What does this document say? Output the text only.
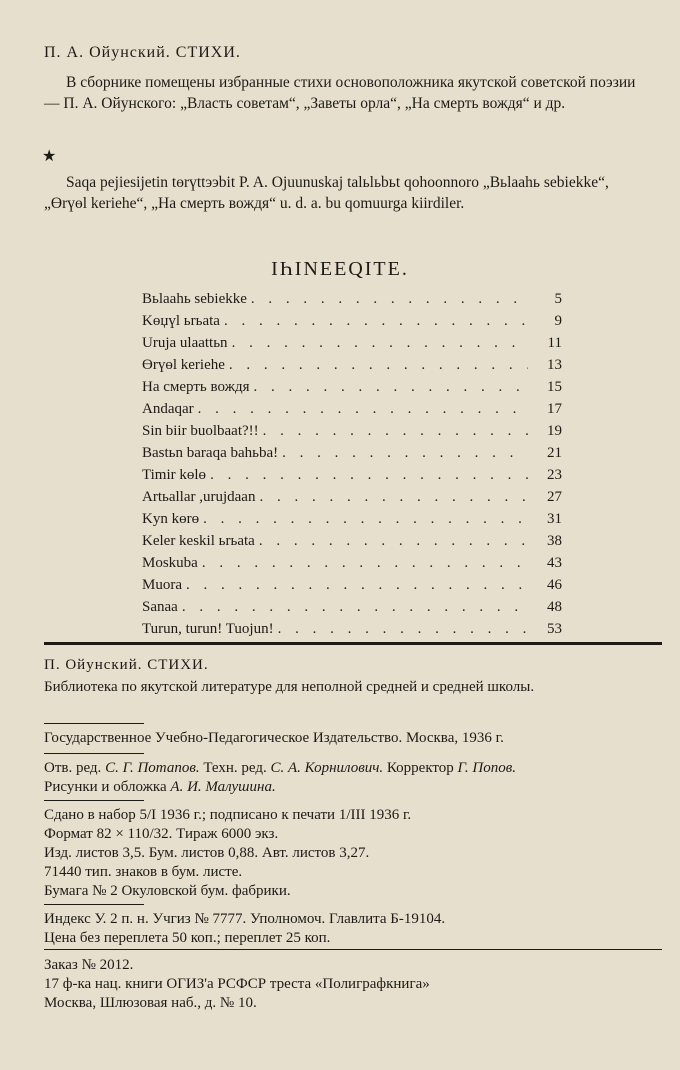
П. А. Ойунский. СТИХИ.

В сборнике помещены избранные стихи основоположника якутской советской поэзии — П. А. Ойунского: „Власть советам“, „Заветы орла“, „На смерть вождя“ и др.

★

Saqa pejiesijetin tөrүttээbit P. A. Ojuunuskaj talьlьbьt qohoonnoro „Bьlaahь sebiekke“, „Өrүөl keriehe“, „На смерть вождя“ u. d. a. bu qomuurga kiirdiler.

IҺINEEQITE.
Bьlaahь sebiekke . . .	5
Kөџүl ьrьata . . .	9
Uruja ulaattьn . . .	11
Өrүөl keriehe . . .	13
На смерть вождя . . .	15
Andaqar . . .	17
Sin biir buolbaat?!! . . .	19
Bastьn baraqa bahьba! . . .	21
Timir kөlө . . .	23
Artьallar ,urujdaan . . .	27
Kyn kөrө . . .	31
Keler keskil ьrьata . . .	38
Moskuba . . .	43
Muora . . .	46
Sanaa . . .	48
Turun, turun! Tuojun! . . .	53

П. Ойунский. СТИХИ.

Библиотека по якутской литературе для неполной средней и средней школы.

Государственное Учебно-Педагогическое Издательство. Москва, 1936 г.

Отв. ред. С. Г. Потапов. Техн. ред. С. А. Корнилович. Корректор Г. Попов.

Рисунки и обложка А. И. Малушина.

Сдано в набор 5/I 1936 г.; подписано к печати 1/III 1936 г.

Формат 82 × 110/32. Тираж 6000 экз.

Изд. листов 3,5. Бум. листов 0,88. Авт. листов 3,27.

71440 тип. знаков в бум. листе.

Бумага № 2 Окуловской бум. фабрики.

Индекс У. 2 п. н. Учгиз № 7777. Уполномоч. Главлита Б-19104.

Цена без переплета 50 коп.; переплет 25 коп.

Заказ № 2012.

17 ф-ка нац. книги ОГИЗ'а РСФСР треста «Полиграфкнига»

Москва, Шлюзовая наб., д. № 10.
